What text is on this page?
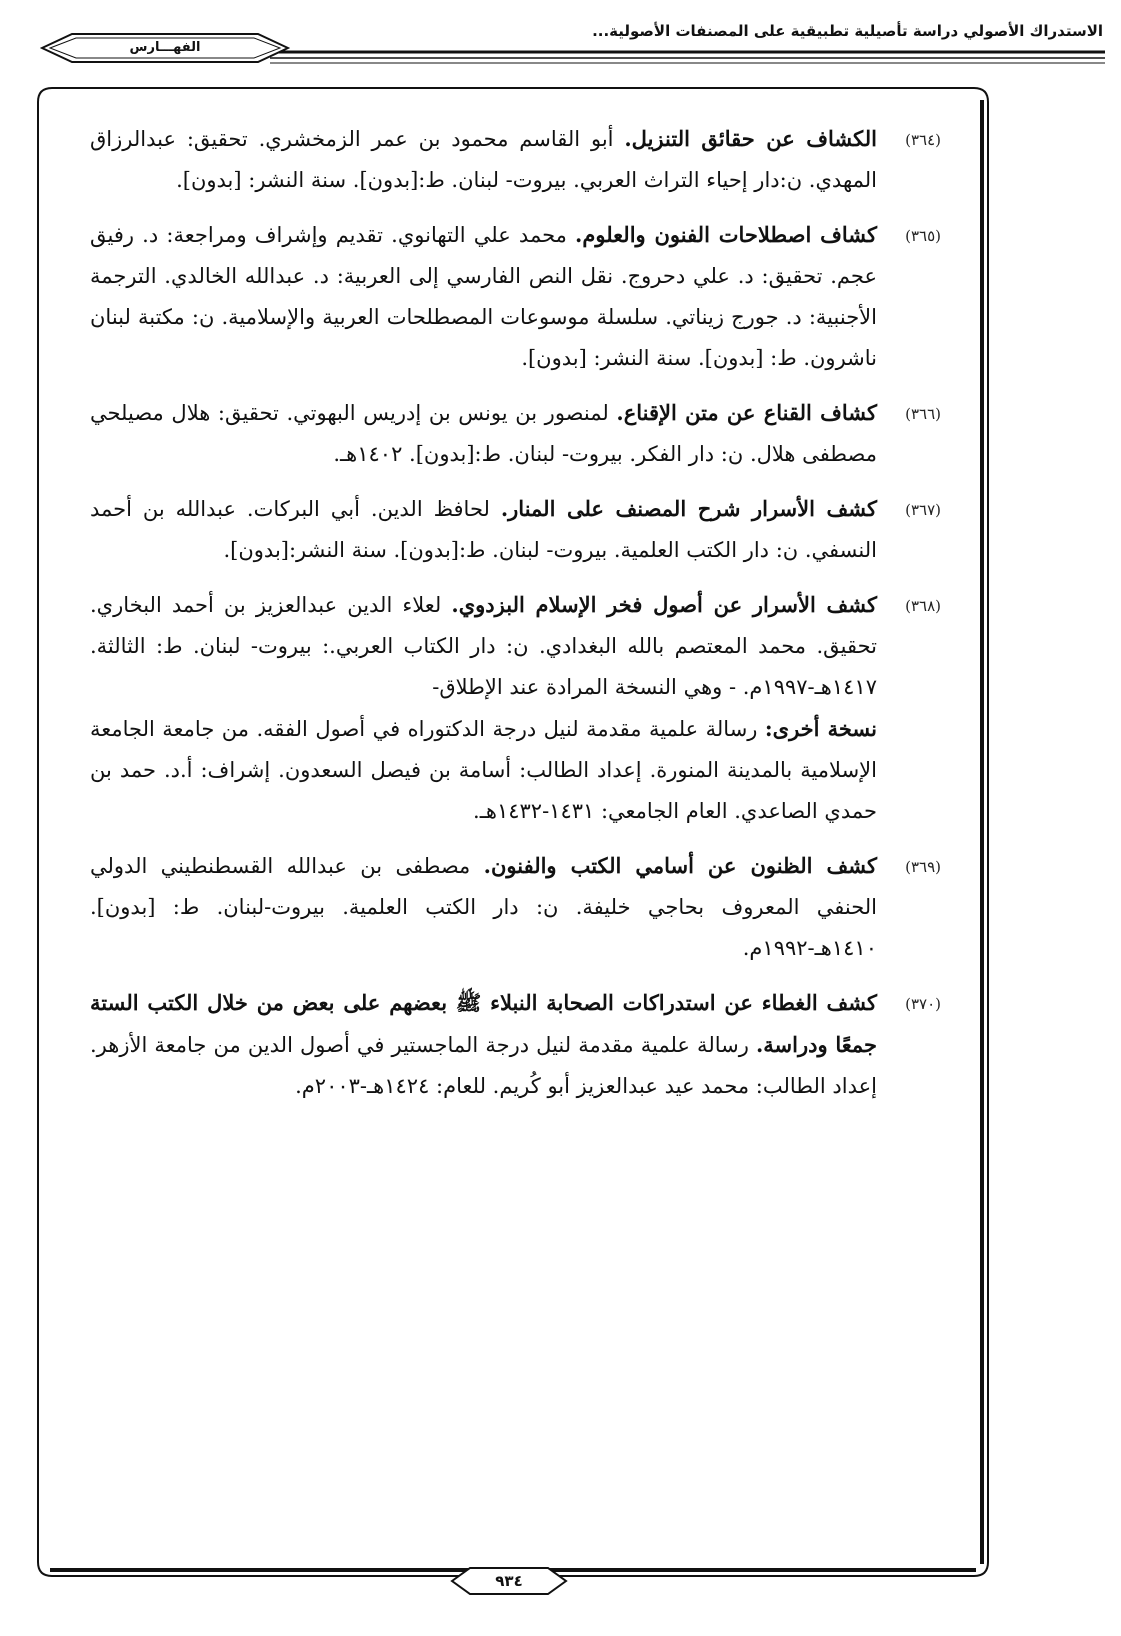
الاستدراك الأصولي دراسة تأصيلية تطبيقية على المصنفات الأصولية...
الفهـــارس
(٣٦٤)
الكشاف عن حقائق التنزيل. أبو القاسم محمود بن عمر الزمخشري. تحقيق: عبدالرزاق المهدي. ن:دار إحياء التراث العربي. بيروت- لبنان. ط:[بدون]. سنة النشر: [بدون].
(٣٦٥)
كشاف اصطلاحات الفنون والعلوم. محمد علي التهانوي. تقديم وإشراف ومراجعة: د. رفيق عجم. تحقيق: د. علي دحروج. نقل النص الفارسي إلى العربية: د. عبدالله الخالدي. الترجمة الأجنبية: د. جورج زيناتي. سلسلة موسوعات المصطلحات العربية والإسلامية. ن: مكتبة لبنان ناشرون. ط: [بدون]. سنة النشر: [بدون].
(٣٦٦)
كشاف القناع عن متن الإقناع. لمنصور بن يونس بن إدريس البهوتي. تحقيق: هلال مصيلحي مصطفى هلال. ن: دار الفكر. بيروت- لبنان. ط:[بدون]. ١٤٠٢هـ.
(٣٦٧)
كشف الأسرار شرح المصنف على المنار. لحافظ الدين. أبي البركات. عبدالله بن أحمد النسفي. ن: دار الكتب العلمية. بيروت- لبنان. ط:[بدون]. سنة النشر:[بدون].
(٣٦٨)
كشف الأسرار عن أصول فخر الإسلام البزدوي. لعلاء الدين عبدالعزيز بن أحمد البخاري. تحقيق. محمد المعتصم بالله البغدادي. ن: دار الكتاب العربي.: بيروت- لبنان. ط: الثالثة. ١٤١٧هـ-١٩٩٧م. - وهي النسخة المرادة عند الإطلاق-
نسخة أخرى: رسالة علمية مقدمة لنيل درجة الدكتوراه في أصول الفقه. من جامعة الجامعة الإسلامية بالمدينة المنورة. إعداد الطالب: أسامة بن فيصل السعدون. إشراف: أ.د. حمد بن حمدي الصاعدي. العام الجامعي: ١٤٣١-١٤٣٢هـ.
(٣٦٩)
كشف الظنون عن أسامي الكتب والفنون. مصطفى بن عبدالله القسطنطيني الدولي الحنفي المعروف بحاجي خليفة. ن: دار الكتب العلمية. بيروت-لبنان. ط: [بدون]. ١٤١٠هـ-١٩٩٢م.
(٣٧٠)
كشف الغطاء عن استدراكات الصحابة النبلاء ﷺ بعضهم على بعض من خلال الكتب الستة جمعًا ودراسة. رسالة علمية مقدمة لنيل درجة الماجستير في أصول الدين من جامعة الأزهر. إعداد الطالب: محمد عيد عبدالعزيز أبو كُريم. للعام: ١٤٢٤هـ-٢٠٠٣م.
٩٣٤
